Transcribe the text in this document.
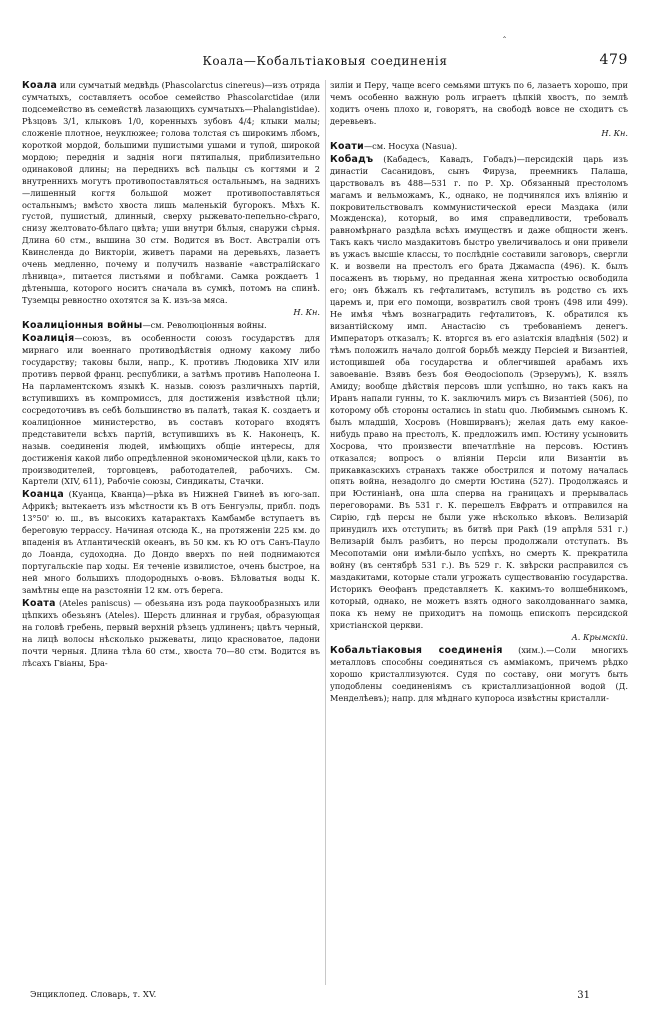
‸
Коала—Кобальтiаковыя соединенiя	479

Коала или сумчатый медвѣдь (Phascolarctus cinereus)—изъ отряда сумчатыхъ, составляетъ особое семейство Phascolarctidae (или подсемейство въ семействѣ лазающихъ сумчатыхъ—Phalangistidae). Рѣзцовъ 3/1, клыковъ 1/0, коренныхъ зубовъ 4/4; клыки малы; сложенiе плотное, неуклюжее; голова толстая съ широкимъ лбомъ, короткой мордой, большими пушистыми ушами и тупой, широкой мордою; переднiя и заднiя ноги пятипалыя, приблизительно одинаковой длины; на переднихъ всѣ пальцы съ когтями и 2 внутреннихъ могутъ противопоставляться остальнымъ, на заднихъ—лишенный когтя большой может противопоставляться остальнымъ; вмѣсто хвоста лишь маленькiй бугорокъ. Мѣхъ К. густой, пушистый, длинный, сверху рыжевато-пепельно-сѣраго, снизу желтовато-бѣлаго цвѣта; уши внутри бѣлыя, снаружи сѣрыя. Длина 60 стм., вышина 30 стм. Водится въ Вост. Австралiи отъ Квинсленда до Викторiи, живетъ парами на деревьяхъ, лазаетъ очень медленно, почему и получилъ названiе «австралiйскаго лѣнивца», питается листьями и побѣгами. Самка рождаетъ 1 дѣтеныша, которого носитъ сначала въ сумкѣ, потомъ на спинѣ. Туземцы ревностно охотятся за К. изъ-за мяса.

Н. Кн.

Коалицiонныя войны—см. Революцiонныя войны.

Коалицiя—союзъ, въ особенности союзъ государствъ для мирнаго или военнаго противодѣйствiя одному какому либо государству; таковы были, напр., К. противъ Людовика XIV или противъ первой франц. республики, а затѣмъ противъ Наполеона I. На парламентскомъ языкѣ К. назыв. союзъ различныхъ партiй, вступившихъ въ компромиссъ, для достиженiя извѣстной цѣли; сосредоточивъ въ себѣ большинство въ палатѣ, такая К. создаетъ и коалицiонное министерство, въ составъ котораго входятъ представители всѣхъ партiй, вступившихъ въ К. Наконецъ, К. назыв. соединенiя людей, имѣющихъ общiе интересы, для достиженiя какой либо опредѣленной экономической цѣли, какъ то производителей, торговцевъ, работодателей, рабочихъ. См. Картели (XIV, 611), Рабочiе союзы, Синдикаты, Стачки.

Коанца (Куанца, Кванца)—рѣка въ Нижней Гвинеѣ въ юго-зап. Африкѣ; вытекаетъ изъ мѣстности къ В отъ Бенгуэлы, прибл. подъ 13°50' ю. ш., въ высокихъ катарактахъ Камбамбе вступаетъ въ береговую террассу. Начиная отсюда К., на протяженiи 225 км. до впаденiя въ Атлантическiй океанъ, въ 50 км. къ Ю отъ Санъ-Пауло до Лоанда, судоходна. До Дондо вверхъ по ней поднимаются португальскiе пар ходы. Ея теченiе извилистое, очень быстрое, на ней много большихъ плодородныхъ о-вовъ. Бѣловатыя воды К. замѣтны еще на разстоянiи 12 км. отъ берега.

Коата (Ateles paniscus) — обезьяна изъ рода паукообразныхъ или цѣпкихъ обезьянъ (Ateles). Шерсть длинная и грубая, образующая на головѣ гребень, первый верхнiй рѣзецъ удлиненъ; цвѣтъ черный, на лицѣ волосы нѣсколько рыжеваты, лицо красноватое, ладони почти черныя. Длина тѣла 60 стм., хвоста 70—80 стм. Водится въ лѣсахъ Гвiаны, Бра-

зилiи и Перу, чаще всего семьями штукъ по 6, лазаетъ хорошо, при чемъ особенно важную роль играетъ цѣпкiй хвостъ, по землѣ ходитъ очень плохо и, говорятъ, на свободѣ вовсе не сходитъ съ деревьевъ.

Н. Кн.

Коати—см. Носуха (Nasua).

Кобадъ (Кабадесъ, Кавадъ, Гобадъ)—персидскiй царь изъ династiи Сасанидовъ, сынъ Фируза, преемникъ Палаша, царствовалъ въ 488—531 г. по Р. Хр. Обязанный престоломъ магамъ и вельможамъ, К., однако, не подчинялся ихъ влiянiю и покровительствовалъ коммунистической ереси Маздака (или Можденска), который, во имя справедливости, требовалъ равномѣрнаго раздѣла всѣхъ имуществъ и даже общности женъ. Такъ какъ число маздакитовъ быстро увеличивалось и они привели въ ужасъ высшiе классы, то послѣднiе составили заговоръ, свергли К. и возвели на престолъ его брата Джамаспа (496). К. былъ посаженъ въ тюрьму, но преданная жена хитростью освободила его; онъ бѣжалъ къ гефталитамъ, вступилъ въ родство съ ихъ царемъ и, при его помощи, возвратилъ свой тронъ (498 или 499). Не имѣя чѣмъ вознаградить гефталитовъ, К. обратился къ византiйскому имп. Анастасiю съ требованiемъ денегъ. Императоръ отказалъ; К. вторгся въ его азiатскiя владѣнiя (502) и тѣмъ положилъ начало долгой борьбѣ между Персiей и Византiей, истощившей оба государства и облегчившей арабамъ ихъ завоеванiе. Взявъ безъ боя Ѳеодосiополь (Эрзерумъ), К. взялъ Амиду; вообще дѣйствiя персовъ шли успѣшно, но такъ какъ на Иранъ напали гунны, то К. заключилъ миръ съ Византiей (506), по которому обѣ стороны остались in statu quo. Любимымъ сыномъ К. былъ младшiй, Хосровъ (Новширванъ); желая дать ему какое-нибудь право на престолъ, К. предложилъ имп. Юстину усыновить Хосрова, что произвести впечатлѣнiе на персовъ. Юстинъ отказался; вопросъ о влiянiи Персiи или Византiи въ прикавказскихъ странахъ также обострился и потому началась опять война, незадолго до смерти Юстина (527). Продолжаясь и при Юстинiанѣ, она шла сперва на границахъ и прерывалась переговорами. Въ 531 г. К. перешелъ Евфратъ и отправился на Сирiю, гдѣ персы не были уже нѣсколько вѣковъ. Велизарiй принудилъ ихъ отступить; въ битвѣ при Ракѣ (19 апрѣля 531 г.) Велизарiй былъ разбитъ, но персы продолжали отступать. Въ Месопотамiи они имѣли-было успѣхъ, но смерть К. прекратила войну (въ сентябрѣ 531 г.). Въ 529 г. К. звѣрски расправился съ маздакитами, которые стали угрожать существованiю государства. Историкъ Ѳеофанъ представляетъ К. какимъ-то волшебникомъ, который, однако, не можетъ взять одного заколдованнаго замка, пока къ нему не приходитъ на помощь епископъ персидской христiанской церкви.

А. Крымскiй.

Кобальтiаковыя соединенiя (хим.).—Соли многихъ металловъ способны соединяться съ аммiакомъ, причемъ рѣдко хорошо кристаллизуются. Судя по составу, они могутъ быть уподоблены соединенiямъ съ кристаллизацiонной водой (Д. Менделѣевъ); напр. для мѣднаго купороса извѣстны кристалли-

Энциклопед. Словарь, т. XV.	31
